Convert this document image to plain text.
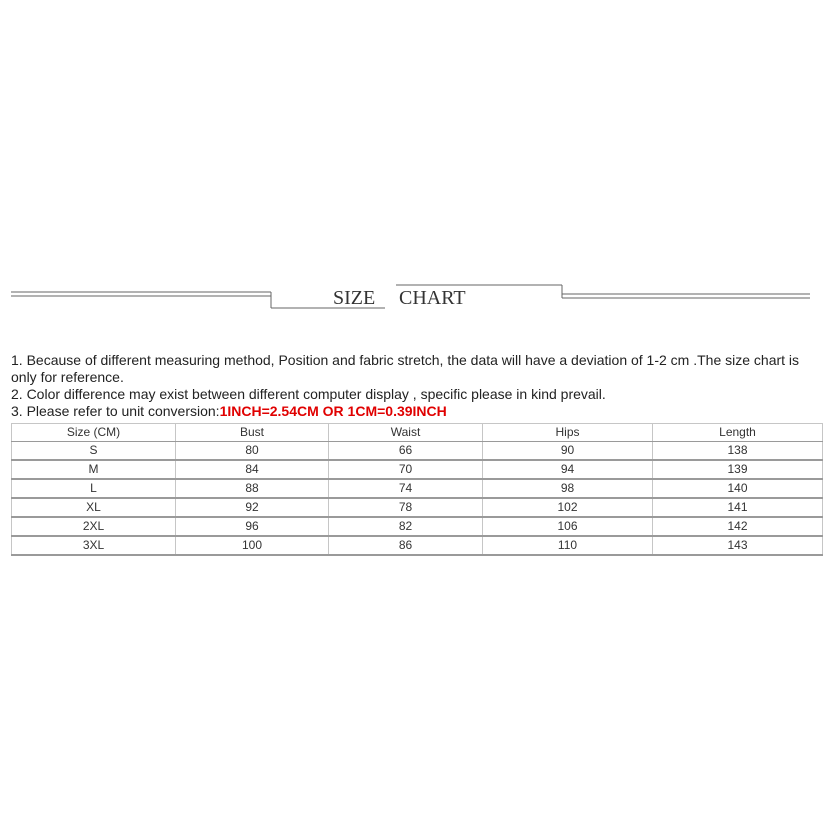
SIZE CHART

1. Because of different measuring method, Position and fabric stretch, the data will have a deviation of 1-2 cm .The size chart is only for reference.

2. Color difference may exist between different computer display , specific please in kind prevail.

3. Please refer to unit conversion:1INCH=2.54CM OR 1CM=0.39INCH

Size (CM)	Bust	Waist	Hips	Length
S	80	66	90	138
M	84	70	94	139
L	88	74	98	140
XL	92	78	102	141
2XL	96	82	106	142
3XL	100	86	110	143
